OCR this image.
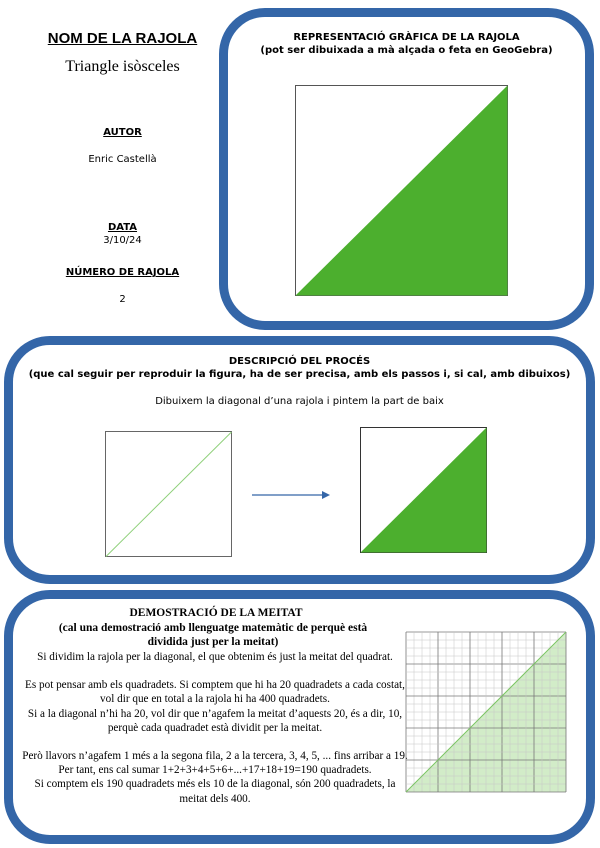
NOM DE LA RAJOLA
Triangle isòsceles
AUTOR
Enric Castellà
DATA
3/10/24
NÚMERO DE RAJOLA
2
REPRESENTACIÓ GRÀFICA DE LA RAJOLA
(pot ser dibuixada a mà alçada o feta en GeoGebra)
DESCRIPCIÓ DEL PROCÉS
(que cal seguir per reproduir la figura, ha de ser precisa, amb els passos i, si cal, amb dibuixos)
Dibuixem la diagonal d’una rajola i pintem la part de baix
DEMOSTRACIÓ DE LA MEITAT
(cal una demostració amb llenguatge matemàtic de perquè està dividida just per la meitat)
Si dividim la rajola per la diagonal, el que obtenim és just la meitat del quadrat.
Es pot pensar amb els quadradets. Si comptem que hi ha 20 quadradets a cada costat, vol dir que en total a la rajola hi ha 400 quadradets.
Si a la diagonal n’hi ha 20, vol dir que n’agafem la meitat d’aquests 20, és a dir, 10, perquè cada quadradet està dividit per la meitat.
Però llavors n’agafem 1 més a la segona fila, 2 a la tercera, 3, 4, 5, ... fins arribar a 19. Per tant, ens cal sumar 1+2+3+4+5+6+...+17+18+19=190 quadradets.
Si comptem els 190 quadradets més els 10 de la diagonal, són 200 quadradets, la meitat dels 400.
